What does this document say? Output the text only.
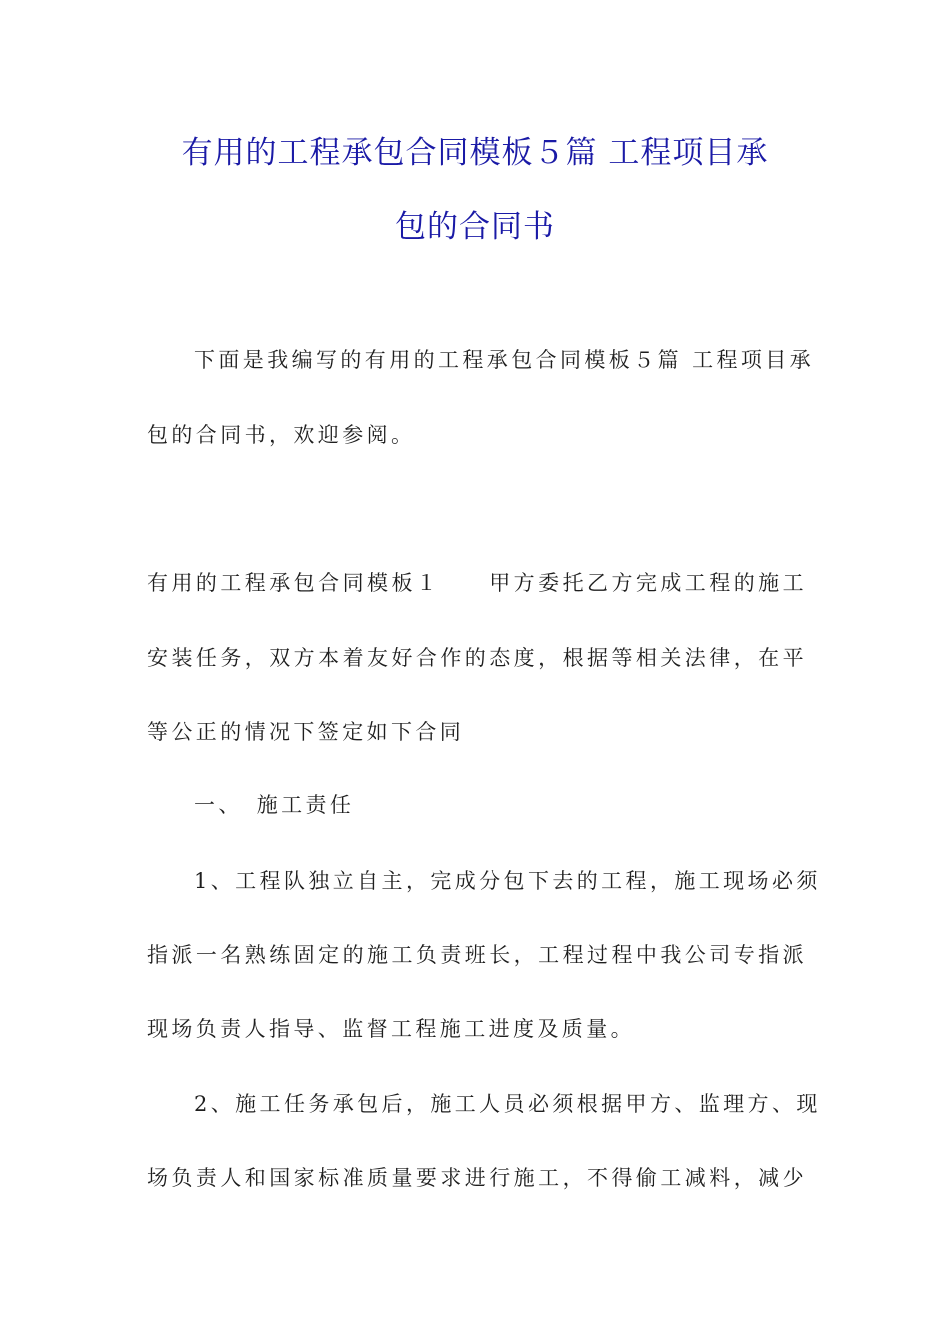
有用的工程承包合同模板５篇 工程项目承
包的合同书
下面是我编写的有用的工程承包合同模板５篇 工程项目承
包的合同书，欢迎参阅。
有用的工程承包合同模板１　　甲方委托乙方完成工程的施工
安装任务，双方本着友好合作的态度，根据等相关法律，在平
等公正的情况下签定如下合同
一、　施工责任
1、工程队独立自主，完成分包下去的工程，施工现场必须
指派一名熟练固定的施工负责班长，工程过程中我公司专指派
现场负责人指导、监督工程施工进度及质量。
2、施工任务承包后，施工人员必须根据甲方、监理方、现
场负责人和国家标准质量要求进行施工，不得偷工减料，减少
